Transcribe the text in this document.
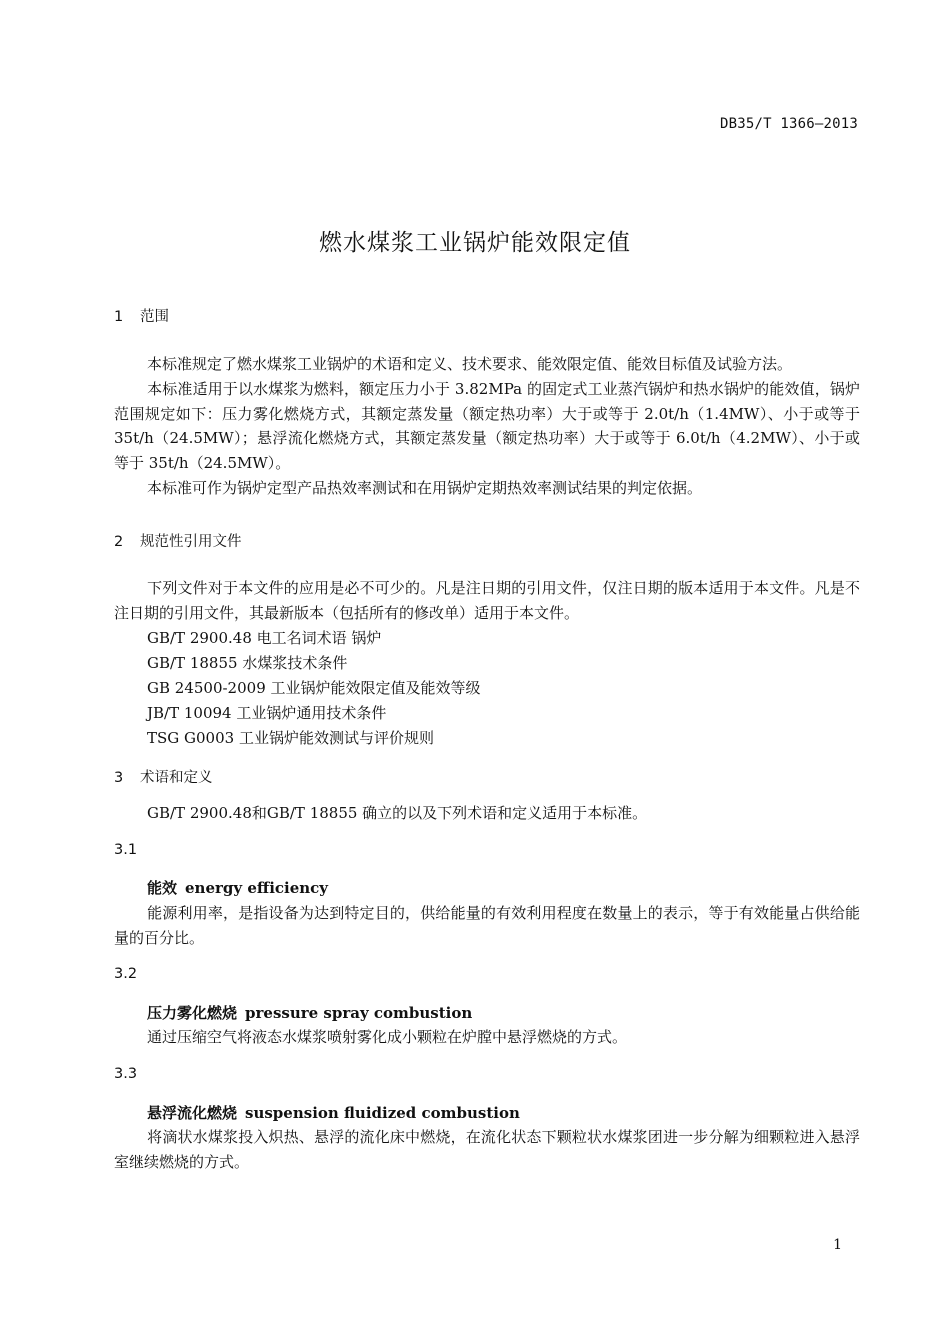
DB35/T 1366—2013
燃水煤浆工业锅炉能效限定值
1 范围
本标准规定了燃水煤浆工业锅炉的术语和定义、技术要求、能效限定值、能效目标值及试验方法。
本标准适用于以水煤浆为燃料，额定压力小于 3.82MPa 的固定式工业蒸汽锅炉和热水锅炉的能效值，锅炉范围规定如下：压力雾化燃烧方式，其额定蒸发量（额定热功率）大于或等于 2.0t/h（1.4MW）、小于或等于 35t/h（24.5MW）；悬浮流化燃烧方式，其额定蒸发量（额定热功率）大于或等于 6.0t/h（4.2MW）、小于或等于 35t/h（24.5MW）。
本标准可作为锅炉定型产品热效率测试和在用锅炉定期热效率测试结果的判定依据。
2 规范性引用文件
下列文件对于本文件的应用是必不可少的。凡是注日期的引用文件，仅注日期的版本适用于本文件。凡是不注日期的引用文件，其最新版本（包括所有的修改单）适用于本文件。
GB/T 2900.48 电工名词术语 锅炉
GB/T 18855 水煤浆技术条件
GB 24500-2009 工业锅炉能效限定值及能效等级
JB/T 10094 工业锅炉通用技术条件
TSG G0003 工业锅炉能效测试与评价规则
3 术语和定义
GB/T 2900.48和GB/T 18855 确立的以及下列术语和定义适用于本标准。
3.1
能效 energy efficiency
能源利用率，是指设备为达到特定目的，供给能量的有效利用程度在数量上的表示，等于有效能量占供给能量的百分比。
3.2
压力雾化燃烧 pressure spray combustion
通过压缩空气将液态水煤浆喷射雾化成小颗粒在炉膛中悬浮燃烧的方式。
3.3
悬浮流化燃烧 suspension fluidized combustion
将滴状水煤浆投入炽热、悬浮的流化床中燃烧，在流化状态下颗粒状水煤浆团进一步分解为细颗粒进入悬浮室继续燃烧的方式。
1
